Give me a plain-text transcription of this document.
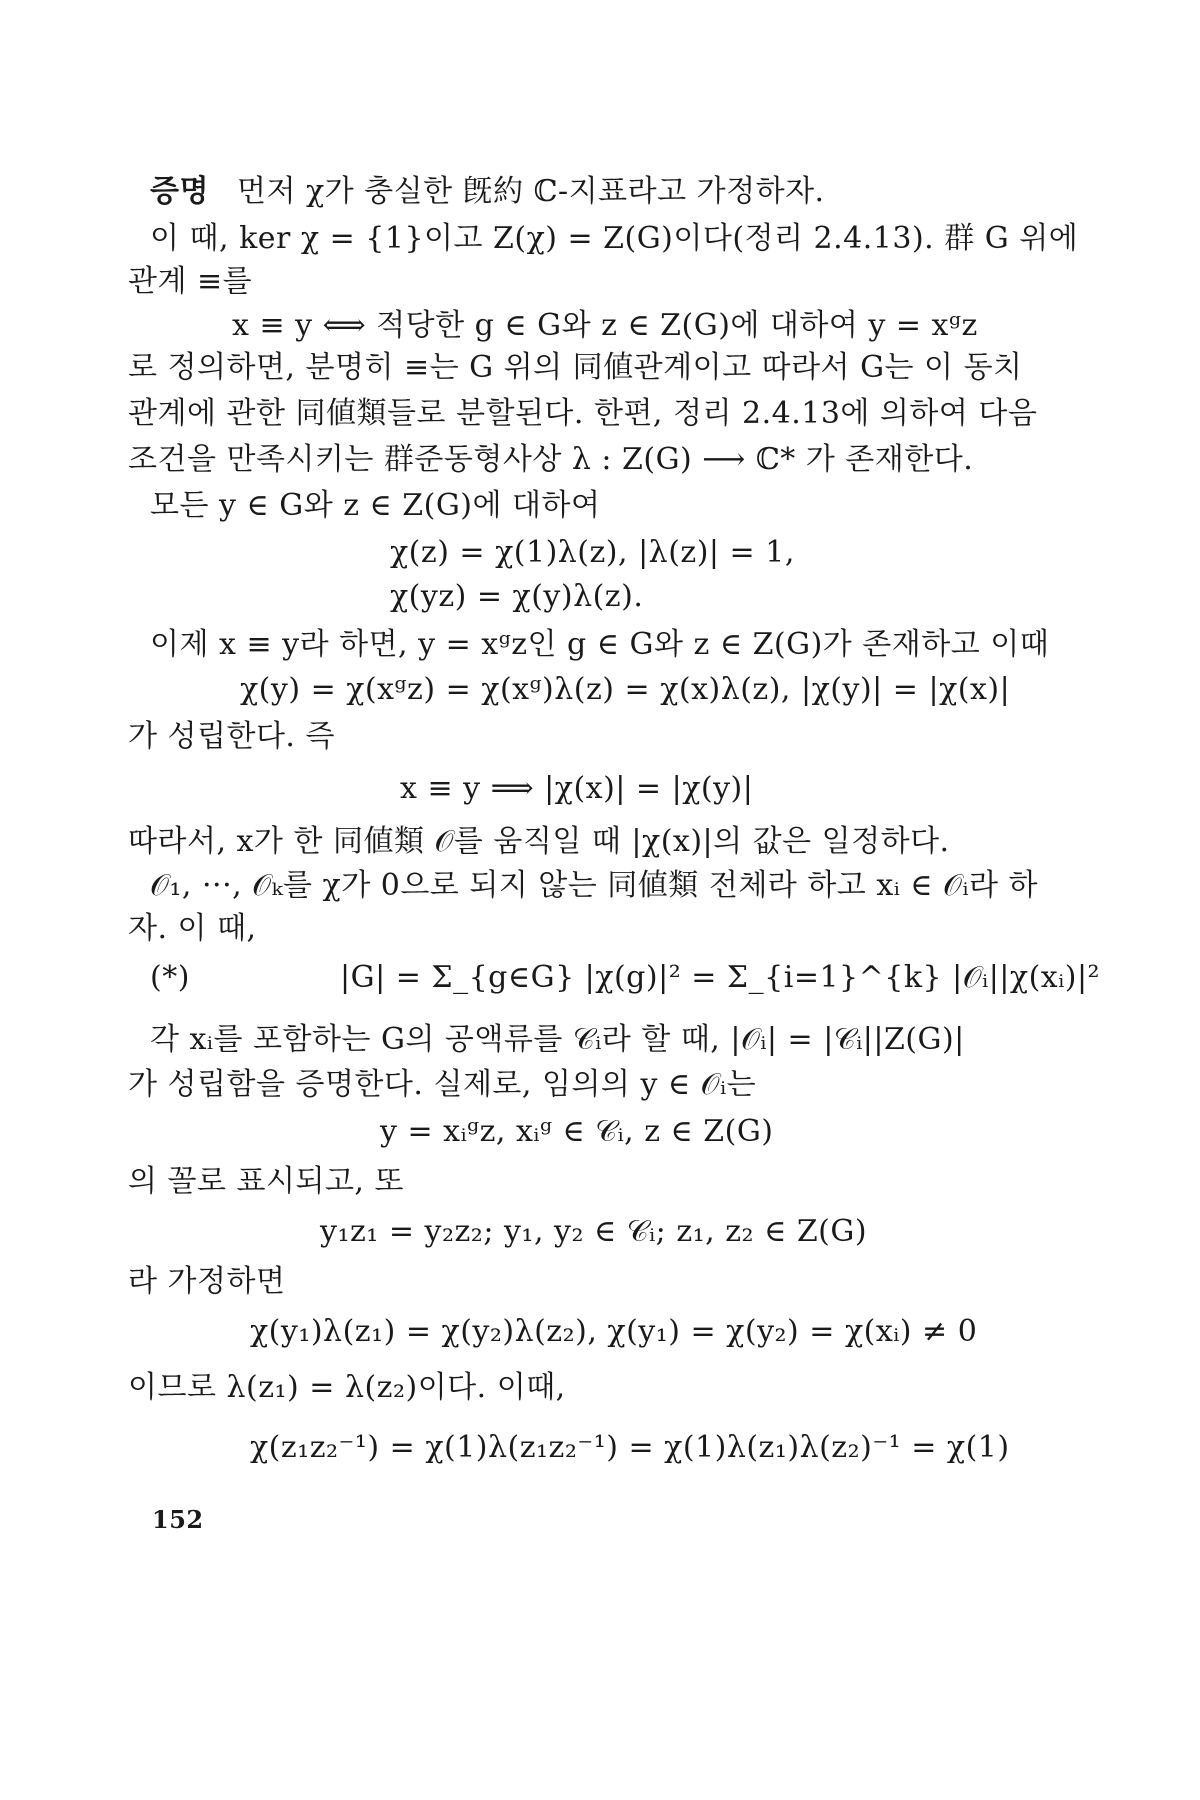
증명 먼저 χ가 충실한 旣約 ℂ-지표라고 가정하자.
이 때, ker χ = {1}이고 Z(χ) = Z(G)이다(정리 2.4.13). 群 G 위에
관계 ≡를
x ≡ y ⟺ 적당한 g ∈ G와 z ∈ Z(G)에 대하여 y = xᵍz
로 정의하면, 분명히 ≡는 G 위의 同値관계이고 따라서 G는 이 동치
관계에 관한 同値類들로 분할된다. 한편, 정리 2.4.13에 의하여 다음
조건을 만족시키는 群준동형사상 λ : Z(G) ⟶ ℂ* 가 존재한다.
모든 y ∈ G와 z ∈ Z(G)에 대하여
χ(z) = χ(1)λ(z), |λ(z)| = 1,
χ(yz) = χ(y)λ(z).
이제 x ≡ y라 하면, y = xᵍz인 g ∈ G와 z ∈ Z(G)가 존재하고 이때
χ(y) = χ(xᵍz) = χ(xᵍ)λ(z) = χ(x)λ(z), |χ(y)| = |χ(x)|
가 성립한다. 즉
x ≡ y ⟹ |χ(x)| = |χ(y)|
따라서, x가 한 同値類 𝒪를 움직일 때 |χ(x)|의 값은 일정하다.
𝒪₁, ···, 𝒪ₖ를 χ가 0으로 되지 않는 同値類 전체라 하고 xᵢ ∈ 𝒪ᵢ라 하
자. 이 때,
(*)	|G| = Σ_{g∈G} |χ(g)|² = Σ_{i=1}^{k} |𝒪ᵢ||χ(xᵢ)|²
각 xᵢ를 포함하는 G의 공액류를 𝒞ᵢ라 할 때, |𝒪ᵢ| = |𝒞ᵢ||Z(G)|
가 성립함을 증명한다. 실제로, 임의의 y ∈ 𝒪ᵢ는
y = xᵢᵍz, xᵢᵍ ∈ 𝒞ᵢ, z ∈ Z(G)
의 꼴로 표시되고, 또
y₁z₁ = y₂z₂; y₁, y₂ ∈ 𝒞ᵢ; z₁, z₂ ∈ Z(G)
라 가정하면
χ(y₁)λ(z₁) = χ(y₂)λ(z₂), χ(y₁) = χ(y₂) = χ(xᵢ) ≠ 0
이므로 λ(z₁) = λ(z₂)이다. 이때,
χ(z₁z₂⁻¹) = χ(1)λ(z₁z₂⁻¹) = χ(1)λ(z₁)λ(z₂)⁻¹ = χ(1)
152
